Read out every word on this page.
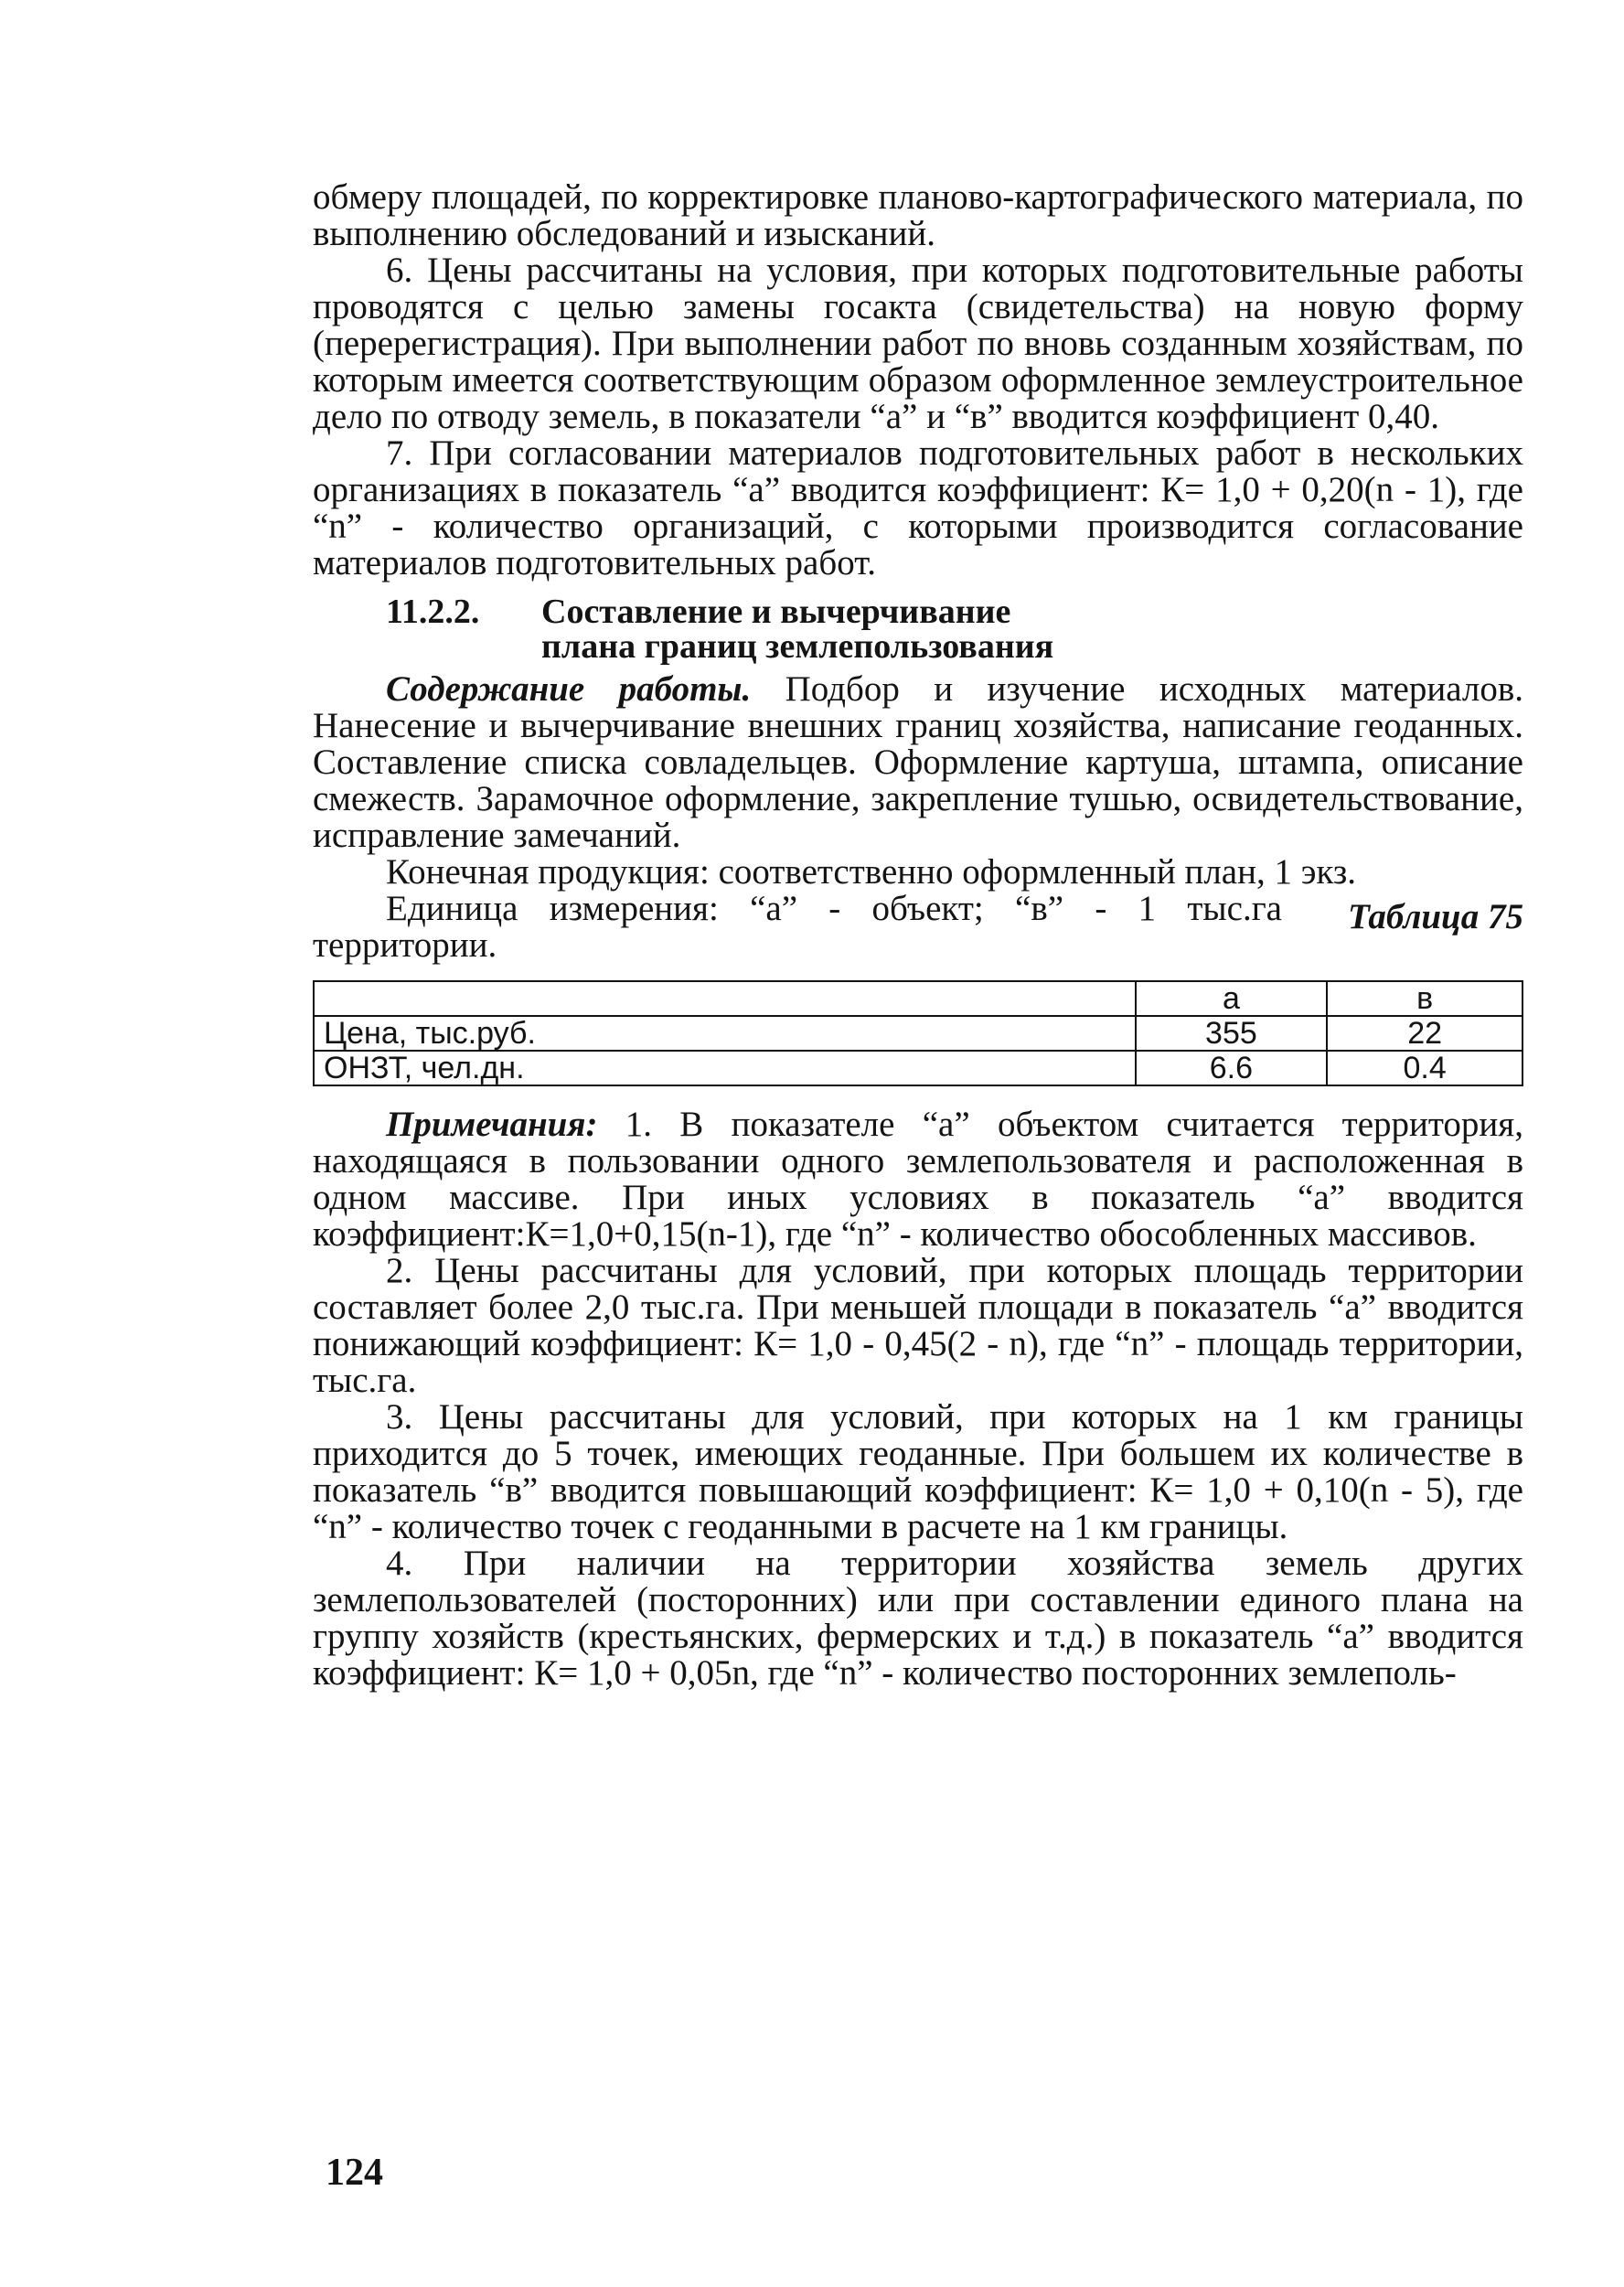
обмеру площадей, по корректировке планово-картографического материала, по выполнению обследований и изысканий.

6. Цены рассчитаны на условия, при которых подготовительные работы проводятся с целью замены госакта (свидетельства) на новую форму (перерегистрация). При выполнении работ по вновь созданным хозяйствам, по которым имеется соответствующим образом оформленное землеустроительное дело по отводу земель, в показатели “а” и “в” вводится коэффициент 0,40.

7. При согласовании материалов подготовительных работ в нескольких организациях в показатель “а” вводится коэффициент: К= 1,0 + 0,20(n - 1), где “n” - количество организаций, с которыми производится согласование материалов подготовительных работ.

11.2.2. Составление и вычерчивание
плана границ землепользования

Содержание работы. Подбор и изучение исходных материалов. Нанесение и вычерчивание внешних границ хозяйства, написание геоданных. Составление списка совладельцев. Оформление картуша, штампа, описание смежеств. Зарамочное оформление, закрепление тушью, освидетельствование, исправление замечаний.

Конечная продукция: соответственно оформленный план, 1 экз.

Единица измерения: “а” - объект; “в” - 1 тыс.га территории.

Таблица 75
	а	в
Цена, тыс.руб.	355	22
ОНЗТ, чел.дн.	6.6	0.4

Примечания: 1. В показателе “а” объектом считается территория, находящаяся в пользовании одного землепользователя и расположенная в одном массиве. При иных условиях в показатель “а” вводится коэффициент:К=1,0+0,15(n-1), где “n” - количество обособленных массивов.

2. Цены рассчитаны для условий, при которых площадь территории составляет более 2,0 тыс.га. При меньшей площади в показатель “а” вводится понижающий коэффициент: К= 1,0 - 0,45(2 - n), где “n” - площадь территории, тыс.га.

3. Цены рассчитаны для условий, при которых на 1 км границы приходится до 5 точек, имеющих геоданные. При большем их количестве в показатель “в” вводится повышающий коэффициент: К= 1,0 + 0,10(n - 5), где “n” - количество точек с геоданными в расчете на 1 км границы.

4. При наличии на территории хозяйства земель других землепользователей (посторонних) или при составлении единого плана на группу хозяйств (крестьянских, фермерских и т.д.) в показатель “а” вводится коэффициент: К= 1,0 + 0,05n, где “n” - количество посторонних землеполь-

124
